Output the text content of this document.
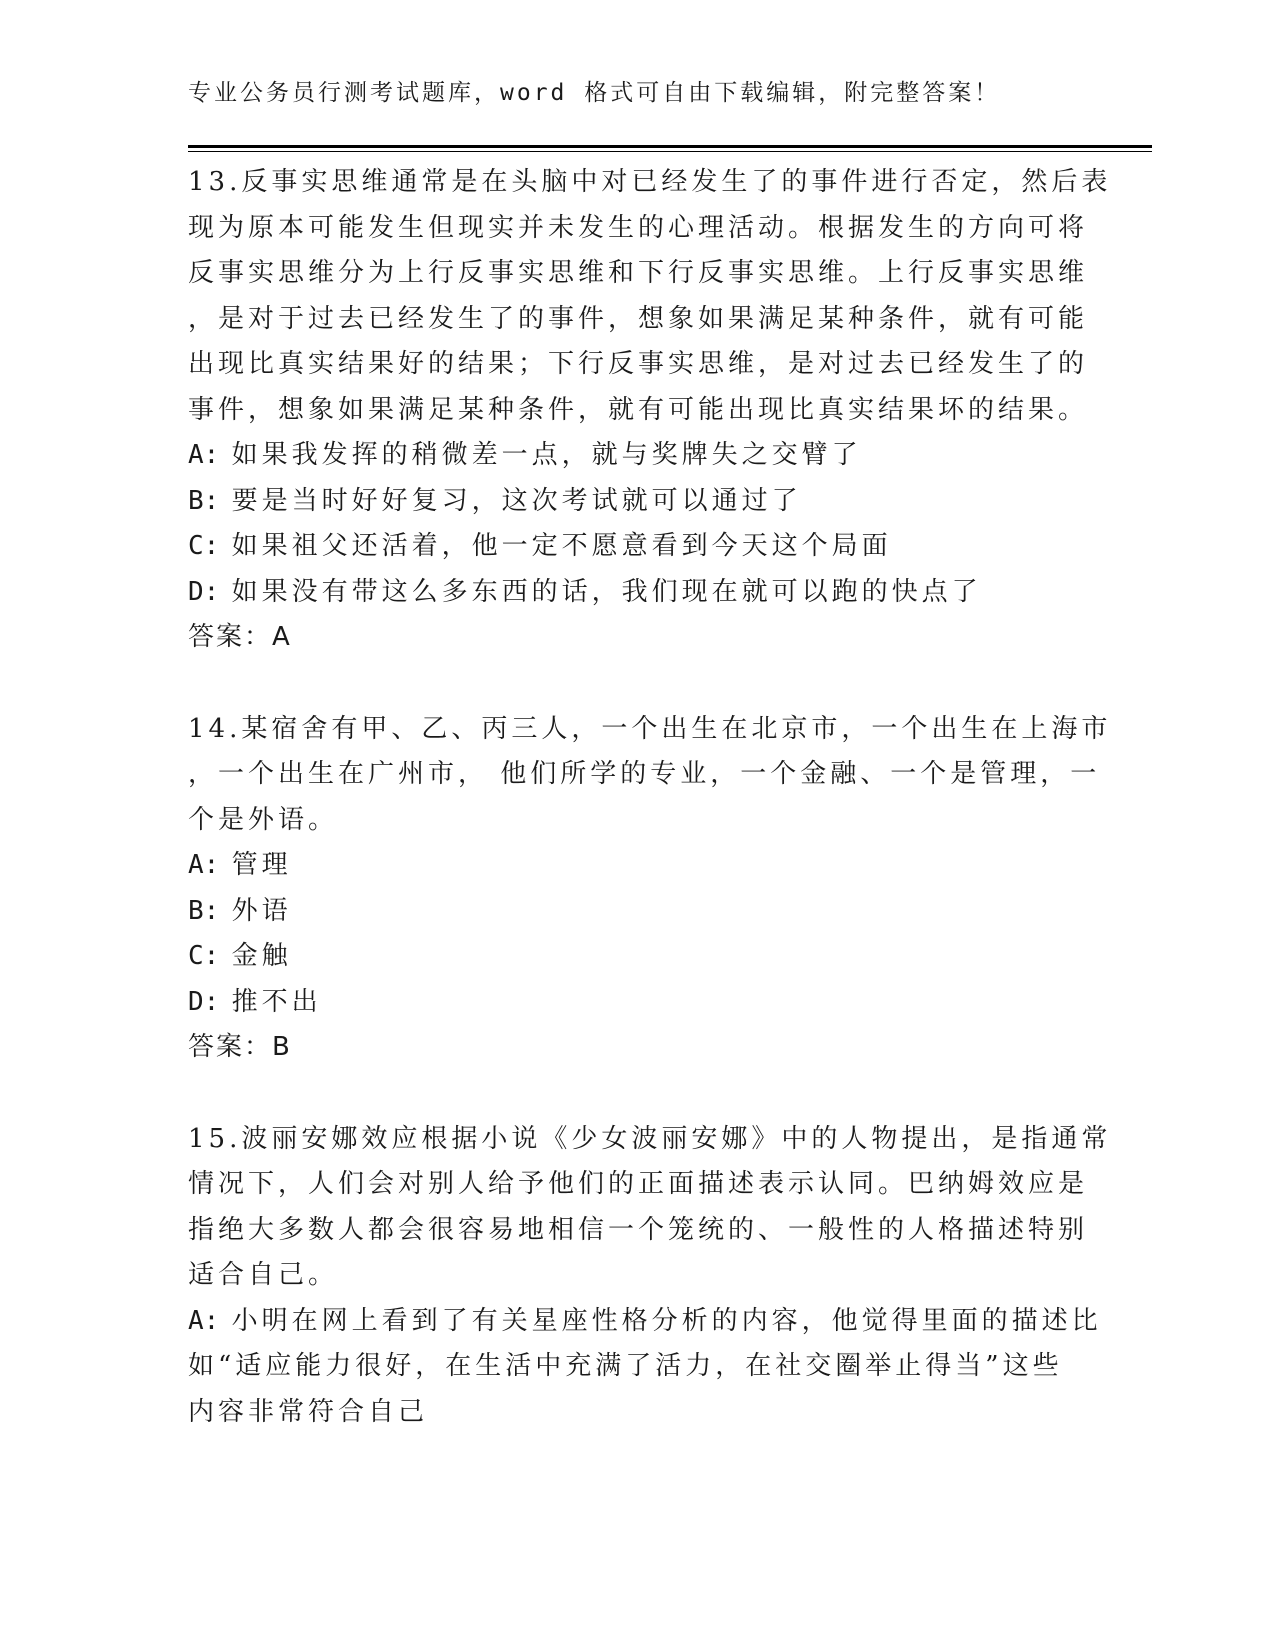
专业公务员行测考试题库，word 格式可自由下载编辑，附完整答案！
13.反事实思维通常是在头脑中对已经发生了的事件进行否定，然后表
现为原本可能发生但现实并未发生的心理活动。根据发生的方向可将
反事实思维分为上行反事实思维和下行反事实思维。上行反事实思维
，是对于过去已经发生了的事件，想象如果满足某种条件，就有可能
出现比真实结果好的结果；下行反事实思维，是对过去已经发生了的
事件，想象如果满足某种条件，就有可能出现比真实结果坏的结果。
A: 如果我发挥的稍微差一点，就与奖牌失之交臂了
B: 要是当时好好复习，这次考试就可以通过了
C: 如果祖父还活着，他一定不愿意看到今天这个局面
D: 如果没有带这么多东西的话，我们现在就可以跑的快点了
答案：A
14.某宿舍有甲、乙、丙三人，一个出生在北京市，一个出生在上海市
，一个出生在广州市， 他们所学的专业，一个金融、一个是管理，一
个是外语。
A: 管理
B: 外语
C: 金触
D: 推不出
答案：B
15.波丽安娜效应根据小说《少女波丽安娜》中的人物提出，是指通常
情况下，人们会对别人给予他们的正面描述表示认同。巴纳姆效应是
指绝大多数人都会很容易地相信一个笼统的、一般性的人格描述特别
适合自己。
A: 小明在网上看到了有关星座性格分析的内容，他觉得里面的描述比
如“适应能力很好，在生活中充满了活力，在社交圈举止得当”这些
内容非常符合自己
